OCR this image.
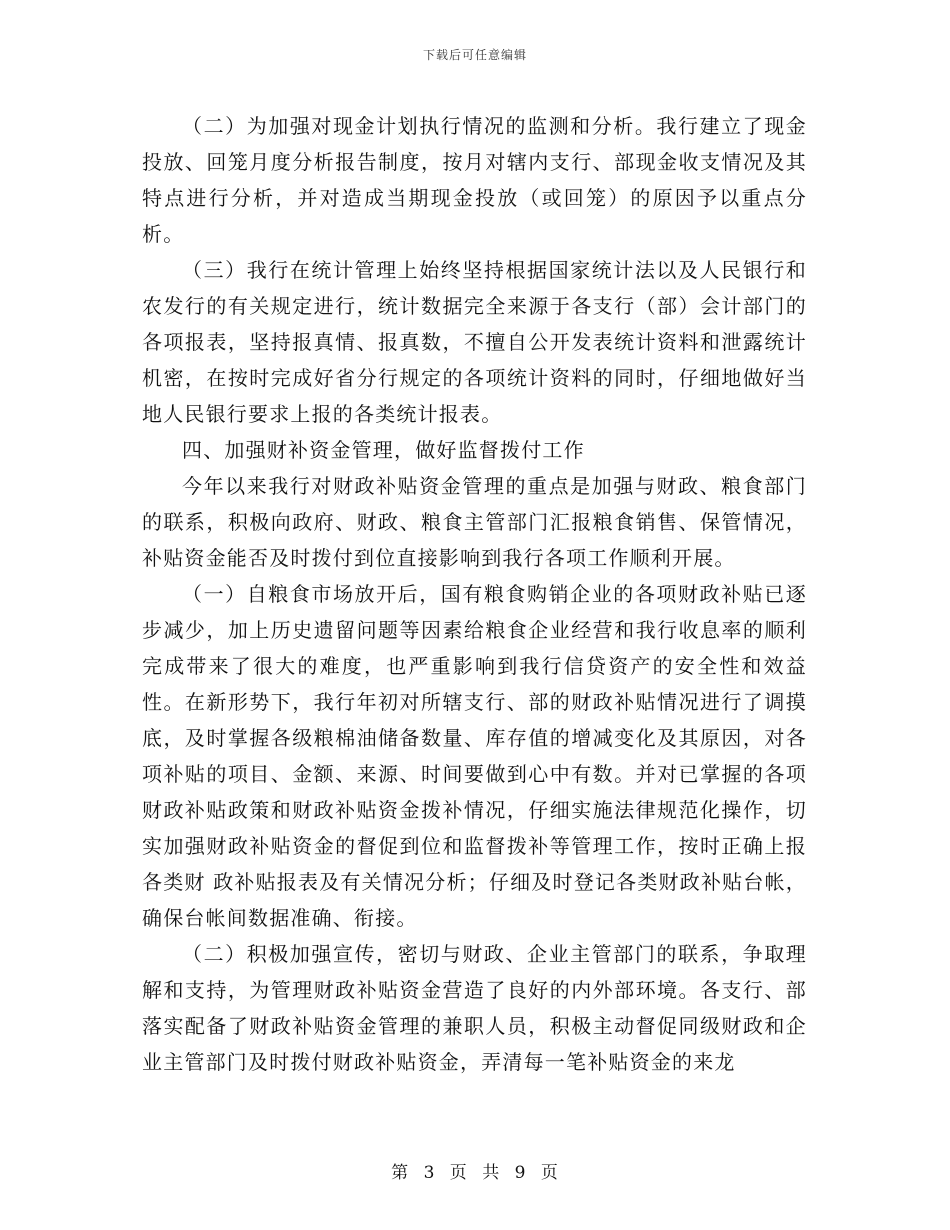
下载后可任意编辑

（二）为加强对现金计划执行情况的监测和分析。我行建立了现金投放、回笼月度分析报告制度，按月对辖内支行、部现金收支情况及其特点进行分析，并对造成当期现金投放（或回笼）的原因予以重点分析。

（三）我行在统计管理上始终坚持根据国家统计法以及人民银行和农发行的有关规定进行，统计数据完全来源于各支行（部）会计部门的各项报表，坚持报真情、报真数，不擅自公开发表统计资料和泄露统计机密，在按时完成好省分行规定的各项统计资料的同时，仔细地做好当地人民银行要求上报的各类统计报表。

四、加强财补资金管理，做好监督拨付工作

今年以来我行对财政补贴资金管理的重点是加强与财政、粮食部门的联系，积极向政府、财政、粮食主管部门汇报粮食销售、保管情况，补贴资金能否及时拨付到位直接影响到我行各项工作顺利开展。

（一）自粮食市场放开后，国有粮食购销企业的各项财政补贴已逐步减少，加上历史遗留问题等因素给粮食企业经营和我行收息率的顺利完成带来了很大的难度，也严重影响到我行信贷资产的安全性和效益性。在新形势下，我行年初对所辖支行、部的财政补贴情况进行了调摸底，及时掌握各级粮棉油储备数量、库存值的增减变化及其原因，对各项补贴的项目、金额、来源、时间要做到心中有数。并对已掌握的各项财政补贴政策和财政补贴资金拨补情况，仔细实施法律规范化操作，切实加强财政补贴资金的督促到位和监督拨补等管理工作，按时正确上报各类财 政补贴报表及有关情况分析；仔细及时登记各类财政补贴台帐，确保台帐间数据准确、衔接。

（二）积极加强宣传，密切与财政、企业主管部门的联系，争取理解和支持，为管理财政补贴资金营造了良好的内外部环境。各支行、部落实配备了财政补贴资金管理的兼职人员，积极主动督促同级财政和企业主管部门及时拨付财政补贴资金，弄清每一笔补贴资金的来龙

第 3 页 共 9 页
